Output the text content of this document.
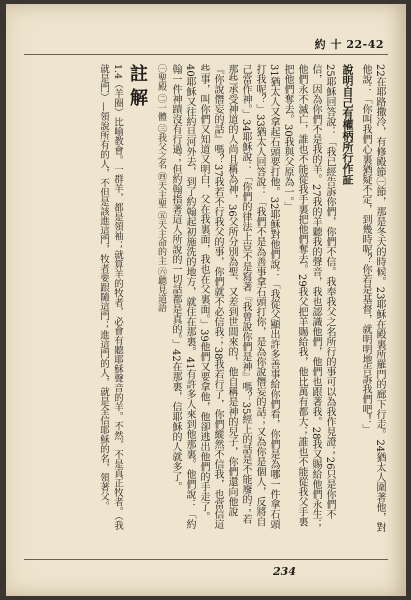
約 十 22-42

22在耶路撒冷，有修殿節㊀節，那是冬天的時候。23耶穌在殿裏所羅門的廊下行走。24猶太人圍著他，對他說：「你叫我們心裏猶疑不定，到幾時呢？你若是基督，就明明地告訴我們吧！」

說明自己有權柄所行作証

25耶穌回答說：「我已經告訴你們，你們不信。我奉我父之名所行的事可以為我作見證；26只是你們不信，因為你們不是我的羊。27我的羊聽我的聲音，我也認識他們，他們也跟著我。28我又賜給他們永生；他們永不滅亡，誰也不能從我手裏把他們奪去。29我父把羊賜給我，他比萬有都大；誰也不能從我父手裏把他們奪去。30我與父原為一。」

31猶太人又拿起石頭要打他。32耶穌對他們說：「我從父顯出許多善事給你們看，你們是為哪一件拿石頭打我呢？」33猶太人回答說：「我們不是為善事拿石頭打你，是為你說僭妄的話；又為你是個人，反將自己當作神。」34耶穌說：「你們的律法上豈不是寫著『我曾說你們是神』嗎？35經上的話是不能廢的；若那些承受神道的人尚且稱為神，36父所分別為聖、又差到世間來的，他自稱是神的兒子，你們還向他說『你說僭妄的話』嗎？37我若不行我父的事，你們就不必信我；38我若行了，你們縱然不信我，也當信這些事，叫你們又知道又明白，父在我裏面，我也在父裏面。」39他們又要拿他，他卻逃出他們的手走了。

40耶穌又往約旦河外去，到了約翰起初施洗的地方，就住在那裏。41有許多人來到他那裏。他們說：「約翰一件神蹟沒有行過；但約翰指著這人所說的一切話都是真的。」42在那裏，信耶穌的人就多了。

㊀聖殿 ㊁一體 ㊂我父之名 ㊃天主聖 ㊄天主命的主 ㊅聽見道語

註解

1.4（羊圈）比喻教會。一群羊，都是領袖；就算羊的牧者，必會有聽耶穌聲音的羊。不然，不是真正牧者。（我就是門）—領說所有的人，不但是該進這門，牧者要跟隨這門；進這門的人，就是全信耶穌的名，領著父。

234
